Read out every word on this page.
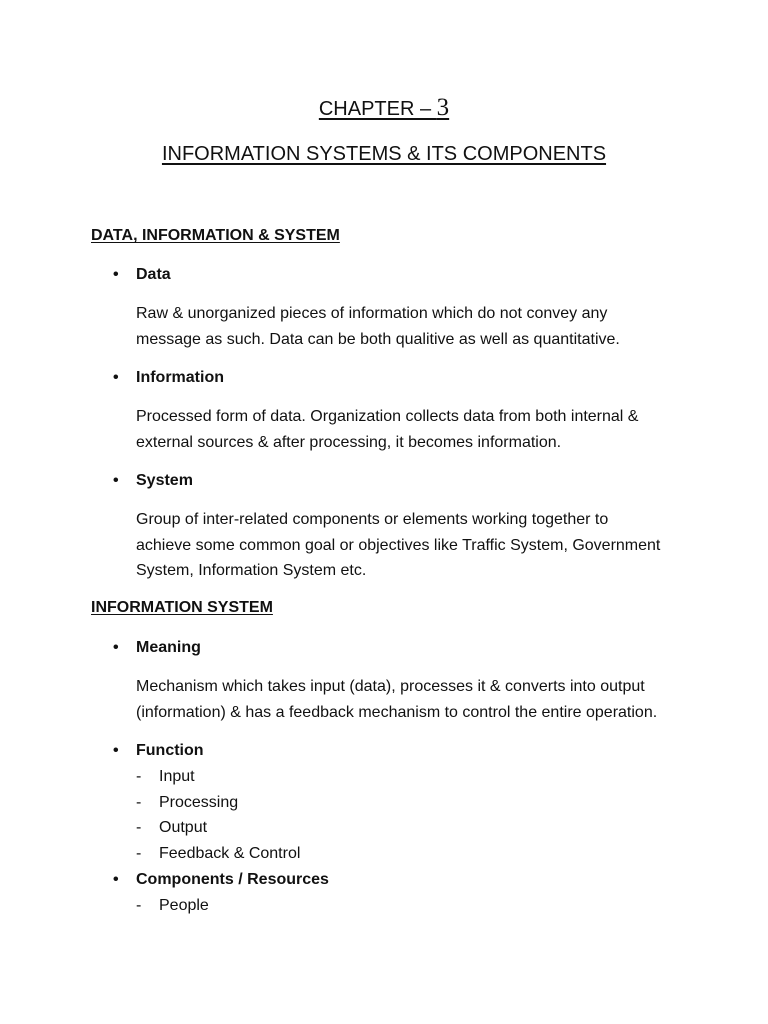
CHAPTER – 3
INFORMATION SYSTEMS & ITS COMPONENTS
DATA, INFORMATION & SYSTEM
•	Data
Raw & unorganized pieces of information which do not convey any
message as such. Data can be both qualitive as well as quantitative.
•	Information
Processed form of data. Organization collects data from both internal &
external sources & after processing, it becomes information.
•	System
Group of inter-related components or elements working together to
achieve some common goal or objectives like Traffic System, Government
System, Information System etc.
INFORMATION SYSTEM
•	Meaning
Mechanism which takes input (data), processes it & converts into output
(information) & has a feedback mechanism to control the entire operation.
•	Function
- Input
- Processing
- Output
- Feedback & Control
•	Components / Resources
- People
